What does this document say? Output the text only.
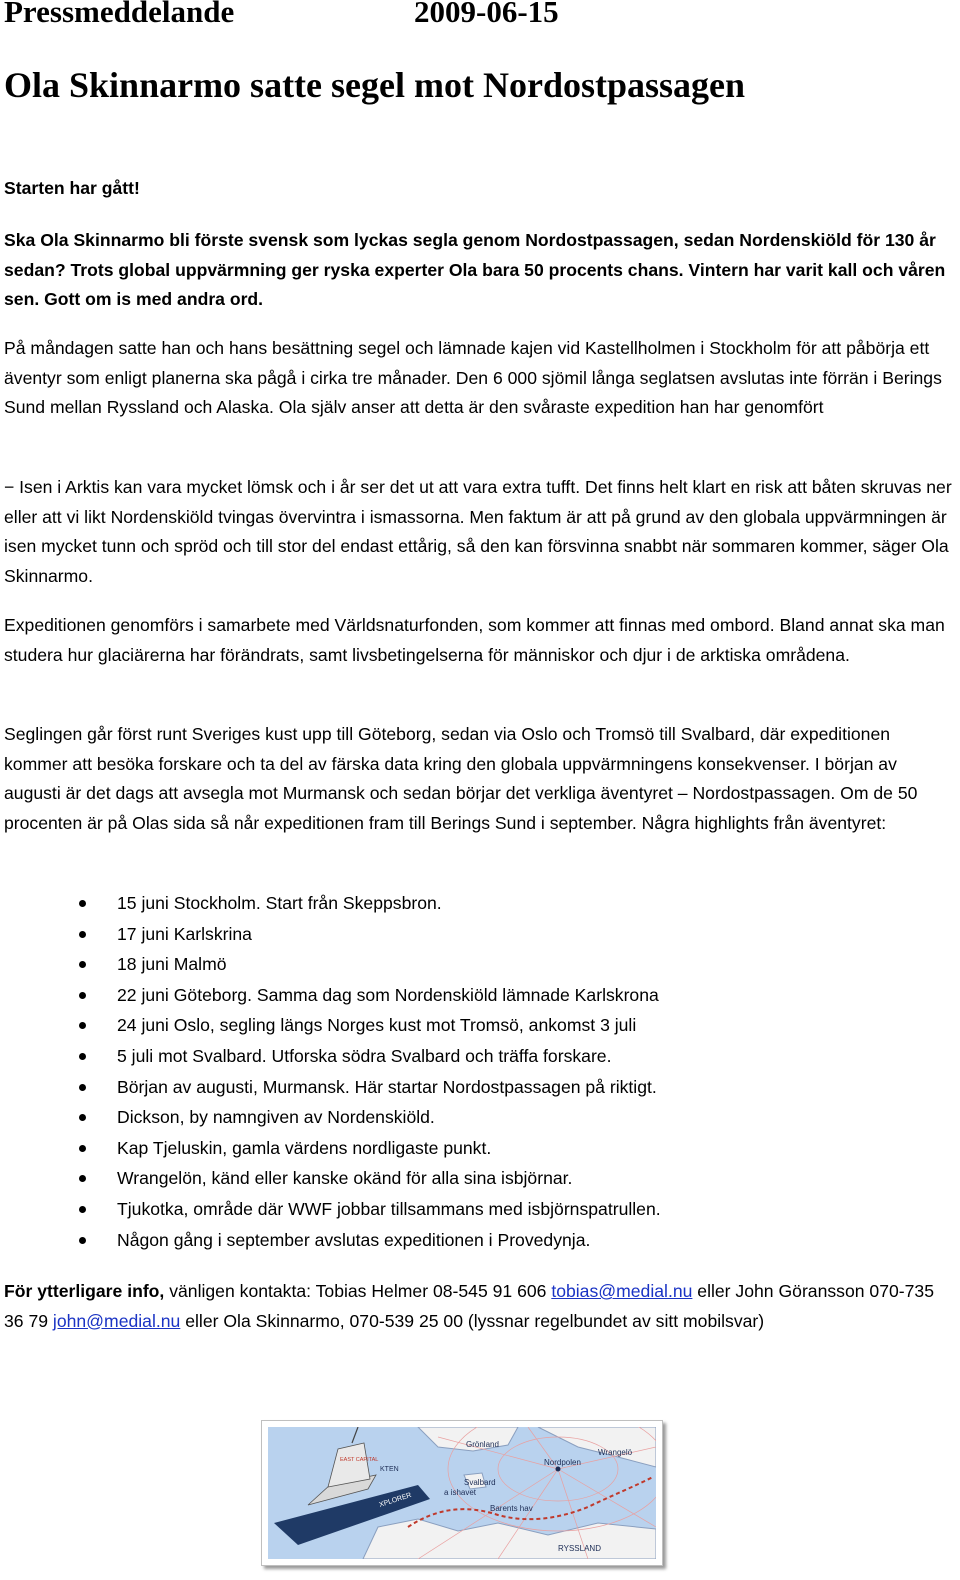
Pressmeddelande	2009-06-15
Ola Skinnarmo satte segel mot Nordostpassagen

Starten har gått!

Ska Ola Skinnarmo bli förste svensk som lyckas segla genom Nordostpassagen, sedan Nordenskiöld för 130 år sedan? Trots global uppvärmning ger ryska experter Ola bara 50 procents chans. Vintern har varit kall och våren sen. Gott om is med andra ord.

På måndagen satte han och hans besättning segel och lämnade kajen vid Kastellholmen i Stockholm för att påbörja ett äventyr som enligt planerna ska pågå i cirka tre månader. Den 6 000 sjömil långa seglatsen avslutas inte förrän i Berings Sund mellan Ryssland och Alaska. Ola själv anser att detta är den svåraste expedition han har genomfört

− Isen i Arktis kan vara mycket lömsk och i år ser det ut att vara extra tufft. Det finns helt klart en risk att båten skruvas ner eller att vi likt Nordenskiöld tvingas övervintra i ismassorna. Men faktum är att på grund av den globala uppvärmningen är isen mycket tunn och spröd och till stor del endast ettårig, så den kan försvinna snabbt när sommaren kommer, säger Ola Skinnarmo.

Expeditionen genomförs i samarbete med Världsnaturfonden, som kommer att finnas med ombord. Bland annat ska man studera hur glaciärerna har förändrats, samt livsbetingelserna för människor och djur i de arktiska områdena.

Seglingen går först runt Sveriges kust upp till Göteborg, sedan via Oslo och Tromsö till Svalbard, där expeditionen kommer att besöka forskare och ta del av färska data kring den globala uppvärmningens konsekvenser. I början av augusti är det dags att avsegla mot Murmansk och sedan börjar det verkliga äventyret – Nordostpassagen. Om de 50 procenten är på Olas sida så når expeditionen fram till Berings Sund i september. Några highlights från äventyret:

15 juni Stockholm. Start från Skeppsbron.
17 juni Karlskrina
18 juni Malmö
22 juni Göteborg. Samma dag som Nordenskiöld lämnade Karlskrona
24 juni Oslo, segling längs Norges kust mot Tromsö, ankomst 3 juli
5 juli mot Svalbard. Utforska södra Svalbard och träffa forskare.
Början av augusti, Murmansk. Här startar Nordostpassagen på riktigt.
Dickson, by namngiven av Nordenskiöld.
Kap Tjeluskin, gamla värdens nordligaste punkt.
Wrangelön, känd eller kanske okänd för alla sina isbjörnar.
Tjukotka, område där WWF jobbar tillsammans med isbjörnspatrullen.
Någon gång i september avslutas expeditionen i Provedynja.

För ytterligare info, vänligen kontakta: Tobias Helmer 08-545 91 606 tobias@medial.nu eller John Göransson 070-735 36 79 john@medial.nu eller Ola Skinnarmo, 070-539 25 00 (lyssnar regelbundet av sitt mobilsvar)

Grönland
Nordpolen
Wrangelö
Svalbard
a ishavet
Barents hav
RYSSLAND
EAST CAPITAL
KTEN
XPLORER
